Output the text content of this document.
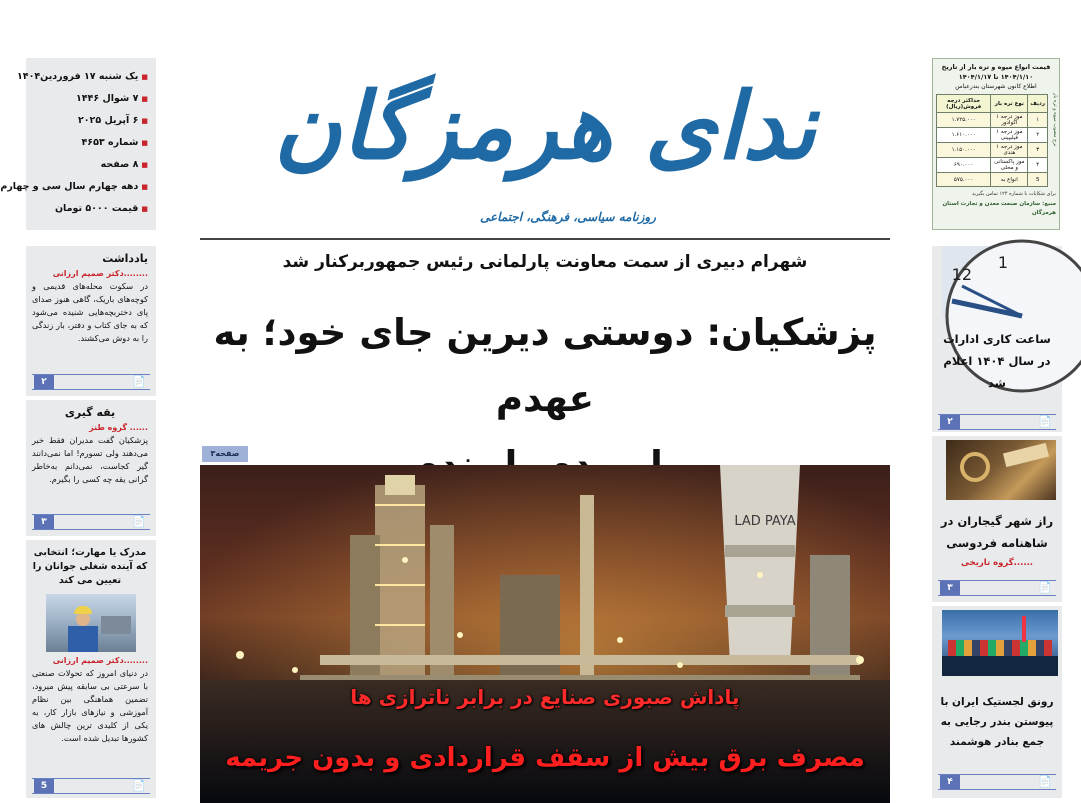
■
یک شنبه ۱۷ فروردین۱۴۰۴
■
۷ شوال ۱۴۴۶
■
۶ آپریل ۲۰۲۵
■
شماره ۴۶۵۳
■
۸ صفحه
■
دهه چهارم سال سی و چهارم
■
قیمت ۵۰۰۰ تومان
ندای هرمزگان
روزنامه سیاسی، فرهنگی، اجتماعی
قیمت انواع میوه و تره بار از تاریخ ۱۴۰۴/۱/۱۰ تا ۱۴۰۴/۱/۱۷
اطلاع کانون شهرستان بندرعباس
ردیف	نوع تره بار	حداکثر درجه فروش(ریال)
۱	موز درجه ۱ اکوادور	۱.۷۲۵.۰۰۰
۲	موز درجه ۱ فیلیپینی	۱.۶۱۰.۰۰۰
۳	موز درجه ۱ هندی	۱.۱۵۰.۰۰۰
۴	موز پاکستانی و محلی	۶۹۰.۰۰۰
5	انواع به	۵۷۵.۰۰۰
برای شکایات با شماره ۱۲۴ تماس بگیرید
منبع: سازمان صنعت معدن و تجارت استان هرمزگان
نرخ مصوب میوه و تره بار
شهرام دبیری از سمت معاونت پارلمانی رئیس جمهوربرکنار شد
پزشکیان: دوستی دیرین جای خود؛ به عهدم
صفحه۳
LAD PAYA
پاداش صبوری صنایع در برابر ناترازی ها
مصرف برق بیش از سقف قراردادی و بدون جریمه
یادداشت
........دکتر صمیم ارزانی
در سکوت محله‌های قدیمی و کوچه‌های باریک، گاهی هنوز صدای پای دختربچه‌هایی شنیده می‌شود که به جای کتاب و دفتر، بار زندگی را به دوش می‌کشند.
📄
۲
یقه گیری
...... گروه طنز
پزشکیان گفت مدیران فقط خبر می‌دهند ولی تسورم! اما نمی‌دانند گیر کجاست، نمی‌دانم به‌خاطر گرانی یقه چه کسی را بگیرم.
📄
۳
مدرک یا مهارت؛ انتخابی که آینده شغلی جوانان را تعیین می کند
........دکتر صمیم ارزانی
در دنیای امروز که تحولات صنعتی با سرعتی بی سابقه پیش میرود، تضمین هماهنگی بین نظام آموزشی و نیازهای بازار کار، به یکی از کلیدی ترین چالش های کشورها تبدیل شده است.
📄
5
12
1
ساعت کاری ادارات در سال ۱۴۰۴ اعلام شد
📄
۲
راز شهر گیجاران در شاهنامه فردوسی
......گروه تاریخی
📄
۳
رونق لجستیک ایران با پیوستن بندر رجایی به جمع بنادر هوشمند
📄
۴
